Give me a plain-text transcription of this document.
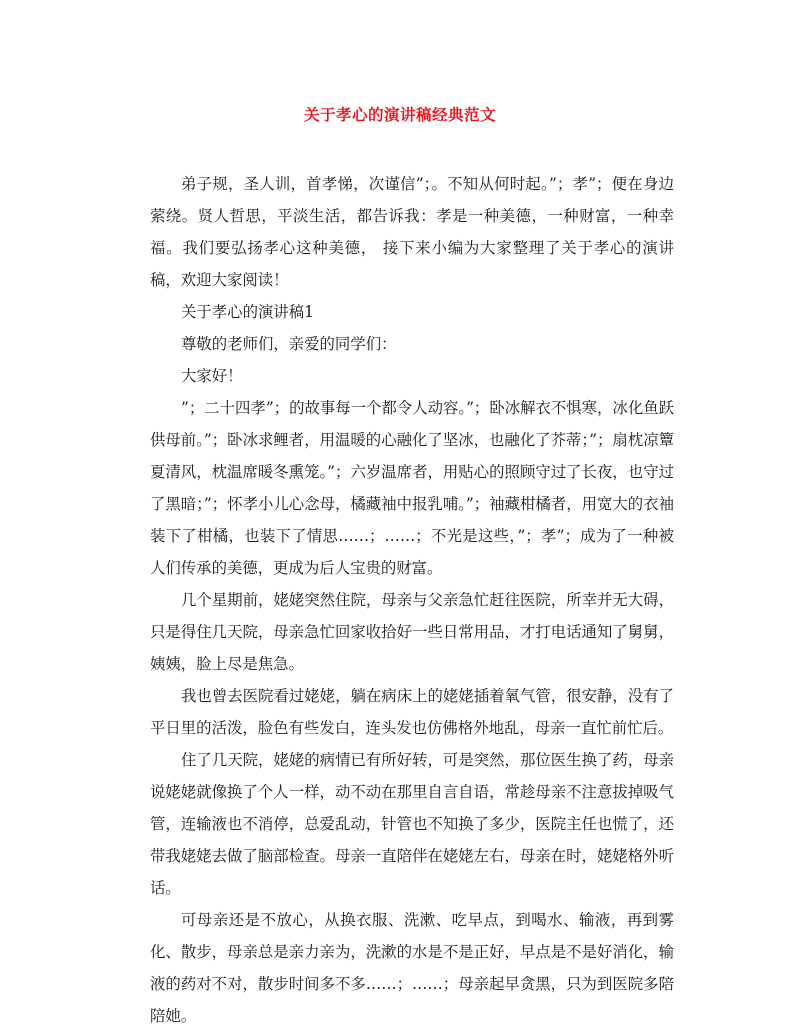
关于孝心的演讲稿经典范文

弟子规，圣人训，首孝悌，次谨信”；。不知从何时起。”；孝”；便在身边萦绕。贤人哲思，平淡生活，都告诉我：孝是一种美德，一种财富，一种幸福。我们要弘扬孝心这种美德， 接下来小编为大家整理了关于孝心的演讲稿，欢迎大家阅读！

关于孝心的演讲稿1

尊敬的老师们，亲爱的同学们：

大家好！

”；二十四孝”；的故事每一个都令人动容。”；卧冰解衣不惧寒，冰化鱼跃供母前。”；卧冰求鲤者，用温暖的心融化了坚冰，也融化了芥蒂；”；扇枕凉簟夏清风，枕温席暖冬熏笼。”；六岁温席者，用贴心的照顾守过了长夜，也守过了黑暗；”；怀孝小儿心念母，橘藏袖中报乳哺。”；袖藏柑橘者，用宽大的衣袖装下了柑橘，也装下了情思……；……；不光是这些，”；孝”；成为了一种被人们传承的美德，更成为后人宝贵的财富。

几个星期前，姥姥突然住院，母亲与父亲急忙赶往医院，所幸并无大碍，只是得住几天院，母亲急忙回家收拾好一些日常用品，才打电话通知了舅舅，姨姨，脸上尽是焦急。

我也曾去医院看过姥姥，躺在病床上的姥姥插着氧气管，很安静，没有了平日里的活泼，脸色有些发白，连头发也仿佛格外地乱，母亲一直忙前忙后。

住了几天院，姥姥的病情已有所好转，可是突然，那位医生换了药，母亲说姥姥就像换了个人一样，动不动在那里自言自语，常趁母亲不注意拔掉吸气管，连输液也不消停，总爱乱动，针管也不知换了多少，医院主任也慌了，还带我姥姥去做了脑部检查。母亲一直陪伴在姥姥左右，母亲在时，姥姥格外听话。

可母亲还是不放心，从换衣服、洗漱、吃早点，到喝水、输液，再到雾化、散步，母亲总是亲力亲为，洗漱的水是不是正好，早点是不是好消化，输液的药对不对，散步时间多不多……；……；母亲起早贪黑，只为到医院多陪陪她。
